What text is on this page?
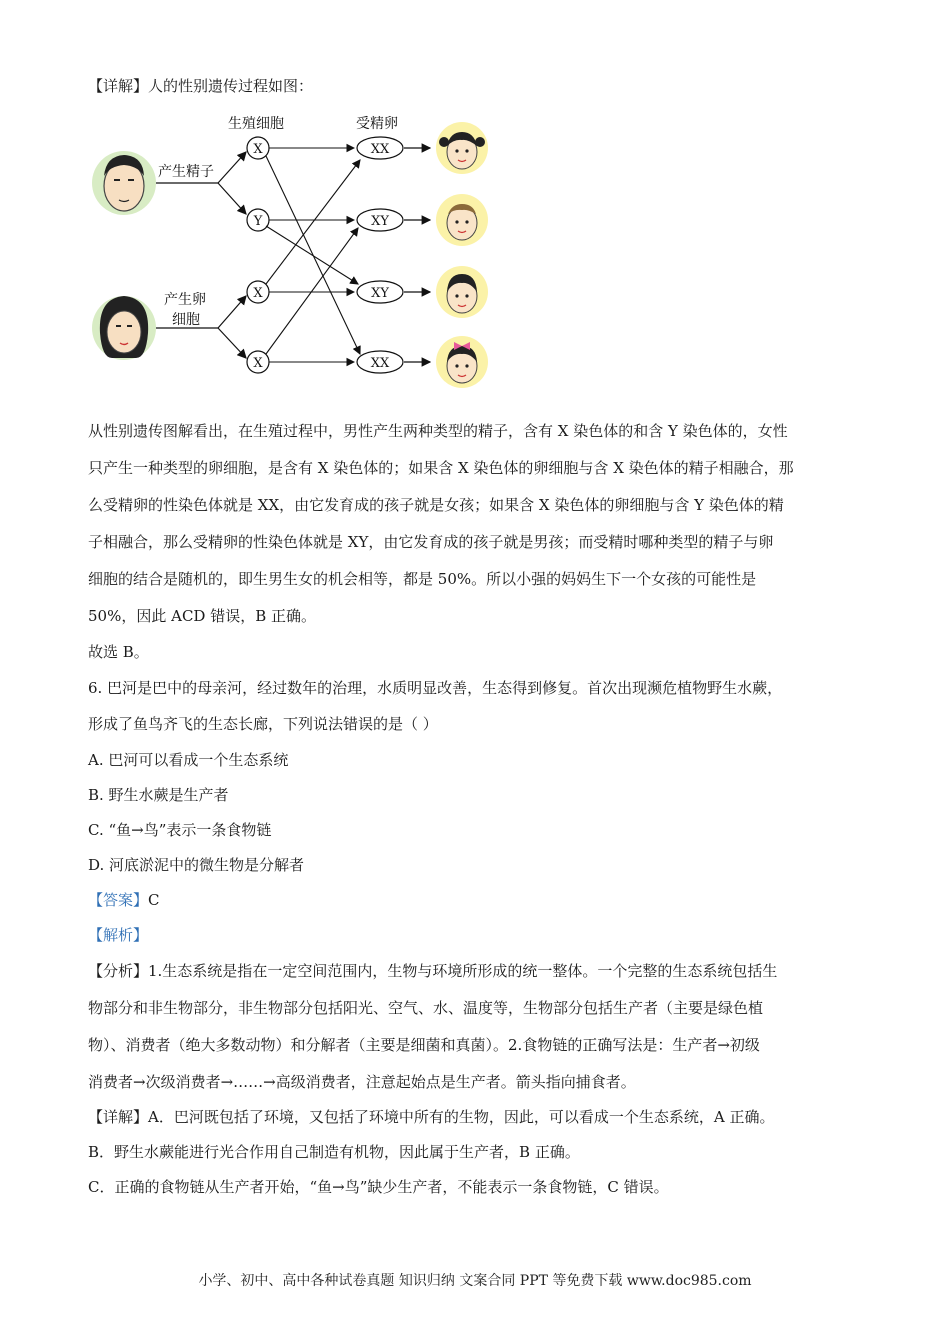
【详解】人的性别遗传过程如图：
生殖细胞	受精卵
产生精子
产生卵
细胞
X
Y
X
X
XX
XY
XY
XX
从性别遗传图解看出，在生殖过程中，男性产生两种类型的精子，含有 X 染色体的和含 Y 染色体的，女性
只产生一种类型的卵细胞，是含有 X 染色体的；如果含 X 染色体的卵细胞与含 X 染色体的精子相融合，那
么受精卵的性染色体就是 XX，由它发育成的孩子就是女孩；如果含 X 染色体的卵细胞与含 Y 染色体的精
子相融合，那么受精卵的性染色体就是 XY，由它发育成的孩子就是男孩；而受精时哪种类型的精子与卵
细胞的结合是随机的，即生男生女的机会相等，都是 50%。所以小强的妈妈生下一个女孩的可能性是
50%，因此 ACD 错误，B 正确。
故选 B。
6. 巴河是巴中的母亲河，经过数年的治理，水质明显改善，生态得到修复。首次出现濒危植物野生水蕨，
形成了鱼鸟齐飞的生态长廊，下列说法错误的是（ ）
A. 巴河可以看成一个生态系统
B. 野生水蕨是生产者
C. “鱼→鸟”表示一条食物链
D. 河底淤泥中的微生物是分解者
【答案】C
【解析】
【分析】1.生态系统是指在一定空间范围内，生物与环境所形成的统一整体。一个完整的生态系统包括生
物部分和非生物部分，非生物部分包括阳光、空气、水、温度等，生物部分包括生产者（主要是绿色植
物）、消费者（绝大多数动物）和分解者（主要是细菌和真菌）。2.食物链的正确写法是：生产者→初级
消费者→次级消费者→……→高级消费者，注意起始点是生产者。箭头指向捕食者。
【详解】A．巴河既包括了环境，又包括了环境中所有的生物，因此，可以看成一个生态系统，A 正确。
B．野生水蕨能进行光合作用自己制造有机物，因此属于生产者，B 正确。
C．正确的食物链从生产者开始，“鱼→鸟”缺少生产者，不能表示一条食物链，C 错误。
小学、初中、高中各种试卷真题 知识归纳 文案合同 PPT 等免费下载 www.doc985.com
